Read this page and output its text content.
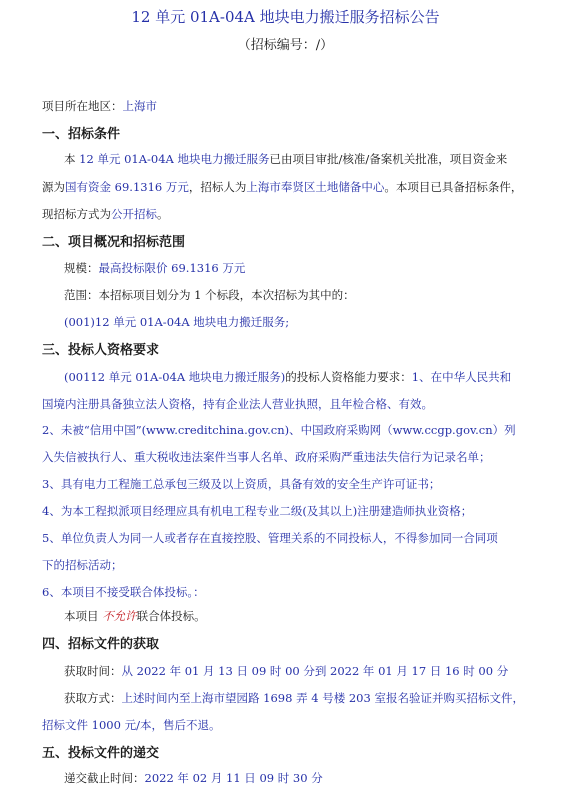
12 单元 01A-04A 地块电力搬迁服务招标公告
（招标编号：/）
项目所在地区：上海市
一、招标条件
本 12 单元 01A-04A 地块电力搬迁服务已由项目审批/核准/备案机关批准，项目资金来
源为国有资金 69.1316 万元，招标人为上海市奉贤区土地储备中心。本项目已具备招标条件，
现招标方式为公开招标。
二、项目概况和招标范围
规模：最高投标限价 69.1316 万元
范围：本招标项目划分为 1 个标段，本次招标为其中的：
(001)12 单元 01A-04A 地块电力搬迁服务;
三、投标人资格要求
(00112 单元 01A-04A 地块电力搬迁服务)的投标人资格能力要求：1、在中华人民共和
国境内注册具备独立法人资格，持有企业法人营业执照，且年检合格、有效。
2、未被“信用中国”(www.creditchina.gov.cn)、中国政府采购网（www.ccgp.gov.cn）列
入失信被执行人、重大税收违法案件当事人名单、政府采购严重违法失信行为记录名单；
3、具有电力工程施工总承包三级及以上资质，具备有效的安全生产许可证书；
4、为本工程拟派项目经理应具有机电工程专业二级(及其以上)注册建造师执业资格；
5、单位负责人为同一人或者存在直接控股、管理关系的不同投标人，不得参加同一合同项
下的招标活动；
6、本项目不接受联合体投标。：
本项目 不允许联合体投标。
四、招标文件的获取
获取时间：从 2022 年 01 月 13 日 09 时 00 分到 2022 年 01 月 17 日 16 时 00 分
获取方式：上述时间内至上海市望园路 1698 弄 4 号楼 203 室报名验证并购买招标文件，
招标文件 1000 元/本，售后不退。
五、投标文件的递交
递交截止时间：2022 年 02 月 11 日 09 时 30 分
